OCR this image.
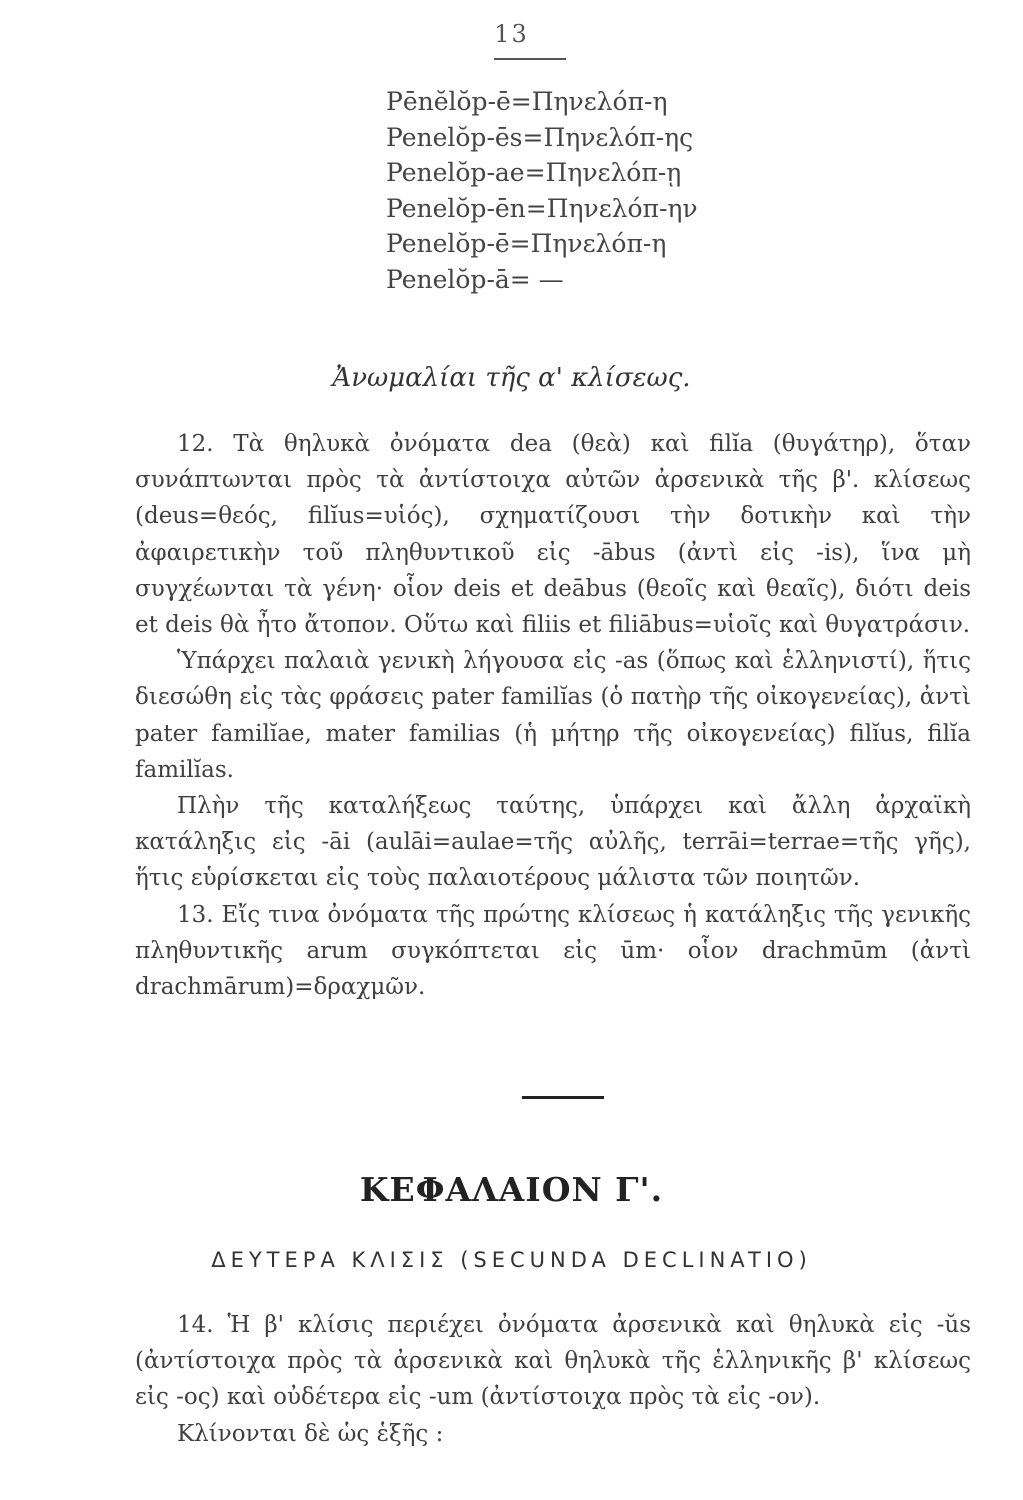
13
Pēnĕlŏp-ē=Πηνελόπ-η
Penelŏp-ēs=Πηνελόπ-ης
Penelŏp-ae=Πηνελόπ-ῃ
Penelŏp-ēn=Πηνελόπ-ην
Penelŏp-ē=Πηνελόπ-η
Penelŏp-ā= —
Ἀνωμαλίαι τῆς α' κλίσεως.

12. Τὰ θηλυκὰ ὀνόματα dea (θεὰ) καὶ filĭa (θυγάτηρ), ὅταν συνάπτωνται πρὸς τὰ ἀντίστοιχα αὐτῶν ἀρσενικὰ τῆς β'. κλίσεως (deus=θεός, filĭus=υἱός), σχηματίζουσι τὴν δοτικὴν καὶ τὴν ἀφαιρετικὴν τοῦ πληθυντικοῦ εἰς -ābus (ἀντὶ εἰς -is), ἵνα μὴ συγχέωνται τὰ γένη· οἷον deis et deābus (θεοῖς καὶ θεαῖς), διότι deis et deis θὰ ἦτο ἄτοπον. Οὕτω καὶ filiis et filiābus=υἱοῖς καὶ θυγατράσιν.

Ὑπάρχει παλαιὰ γενικὴ λήγουσα εἰς -as (ὅπως καὶ ἑλληνιστί), ἥτις διεσώθη εἰς τὰς φράσεις pater familĭas (ὁ πατὴρ τῆς οἰκογενείας), ἀντὶ pater familĭae, mater familias (ἡ μήτηρ τῆς οἰκογενείας) filĭus, filĭa familĭas.

Πλὴν τῆς καταλήξεως ταύτης, ὑπάρχει καὶ ἄλλη ἀρχαϊκὴ κατάληξις εἰς -āi (aulāi=aulae=τῆς αὐλῆς, terrāi=terrae=τῆς γῆς), ἥτις εὑρίσκεται εἰς τοὺς παλαιοτέρους μάλιστα τῶν ποιητῶν.

13. Εἴς τινα ὀνόματα τῆς πρώτης κλίσεως ἡ κατάληξις τῆς γενικῆς πληθυντικῆς arum συγκόπτεται εἰς ūm· οἷον drachmūm (ἀντὶ drachmārum)=δραχμῶν.

ΚΕΦΑΛΑΙΟΝ Γ'.
ΔΕΥΤΕΡΑ ΚΛΙΣΙΣ (SECUNDA DECLINATIO)

14. Ἡ β' κλίσις περιέχει ὀνόματα ἀρσενικὰ καὶ θηλυκὰ εἰς -ŭs (ἀντίστοιχα πρὸς τὰ ἀρσενικὰ καὶ θηλυκὰ τῆς ἑλληνικῆς β' κλίσεως εἰς -ος) καὶ οὐδέτερα εἰς -um (ἀντίστοιχα πρὸς τὰ εἰς -ον).

Κλίνονται δὲ ὡς ἑξῆς :
